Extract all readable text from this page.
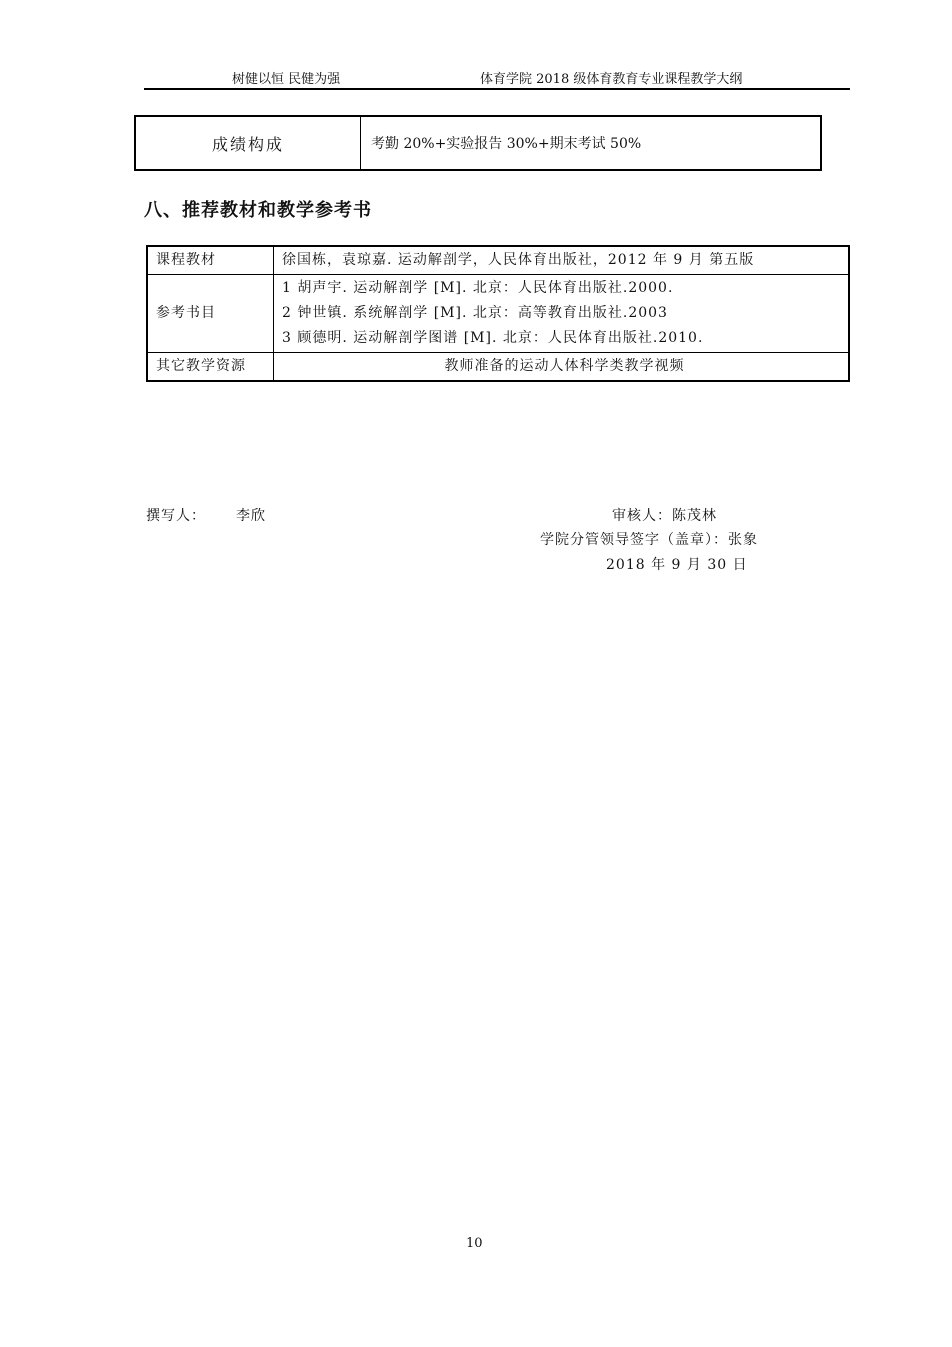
树健以恒 民健为强	体育学院 2018 级体育教育专业课程教学大纲
成绩构成	考勤 20%+实验报告 30%+期末考试 50%
八、推荐教材和教学参考书
课程教材	徐国栋，袁琼嘉. 运动解剖学，人民体育出版社，2012 年 9 月 第五版
参考书目	1 胡声宇. 运动解剖学 [M]. 北京：人民体育出版社.2000.
2 钟世镇. 系统解剖学 [M]. 北京：高等教育出版社.2003
3 顾德明. 运动解剖学图谱 [M]. 北京：人民体育出版社.2010.

其它教学资源	教师准备的运动人体科学类教学视频
撰写人： 李欣	审核人：陈茂林
学院分管领导签字（盖章）：张象
2018 年 9 月 30 日
10
